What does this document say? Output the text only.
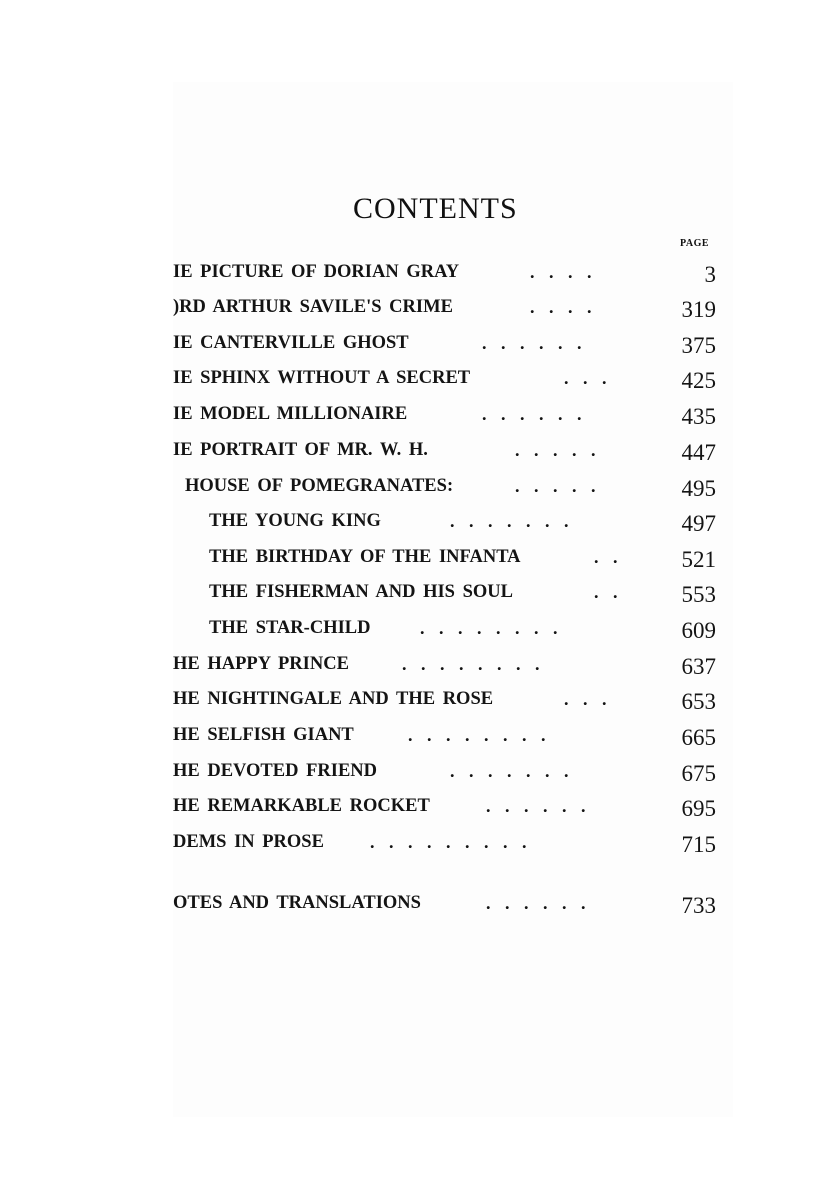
CONTENTS
PAGE
IE PICTURE OF DORIAN GRAY	....	3
)RD ARTHUR SAVILE'S CRIME	....	319
IE CANTERVILLE GHOST	......	375
IE SPHINX WITHOUT A SECRET	...	425
IE MODEL MILLIONAIRE	......	435
IE PORTRAIT OF MR. W. H.	.....	447
HOUSE OF POMEGRANATES:	.....	495
THE YOUNG KING	.......	497
THE BIRTHDAY OF THE INFANTA	.. 521
THE FISHERMAN AND HIS SOUL	.. 553
THE STAR-CHILD	........	609
HE HAPPY PRINCE	........	637
HE NIGHTINGALE AND THE ROSE	...	653
HE SELFISH GIANT	........	665
HE DEVOTED FRIEND	.......	675
HE REMARKABLE ROCKET	......	695
DEMS IN PROSE	.........	715
OTES AND TRANSLATIONS	......	733
